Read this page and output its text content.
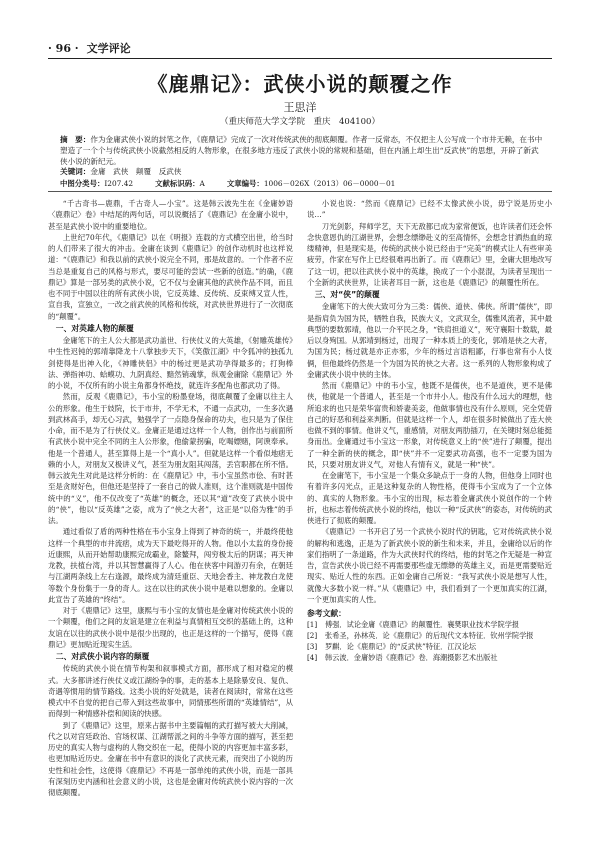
· 96 · 文学评论
《鹿鼎记》：武侠小说的颠覆之作
王思洋
（重庆师范大学文学院　重庆　404100）
摘　要：作为金庸武侠小说的封笔之作，《鹿鼎记》完成了一次对传统武侠的彻底颠覆。作者一反常态，不仅把主人公写成一个市井无赖，在书中塑造了一个个与传统武侠小说截然相反的人物形象，在很多地方违反了武侠小说的常规和基础，但在内涵上却生出“反武侠”的思想，开辟了新武侠小说的新纪元。
关键词：金庸　武侠　颠覆　反武侠
中图分类号：I207.42	文献标识码：A	文章编号：1006－026X（2013）06－0000－01

“千古奇书—鹿鼎，千古奇人—小宝”。这是韩云波先生在《金庸妙语〈鹿鼎记〉卷》中结尾的两句话，可以说概括了《鹿鼎记》在金庸小说中，甚至是武侠小说中的重要地位。

上世纪70年代，《鹿鼎记》以在《明报》连载的方式横空出世，给当时的人们带来了很大的冲击。金庸在谈到《鹿鼎记》的创作动机时也这样说道：“《鹿鼎记》和我以前的武侠小说完全不同，那是故意的。一个作者不应当总是重复自己的风格与形式，要尽可能的尝试一些新的创造。”的确，《鹿鼎记》算是一部另类的武侠小说，它不仅与金庸其他的武侠作品不同，而且也不同于中国以往的所有武侠小说，它反英雄、反传统、反束缚又宣人性，宣自我，宣独立，一改之前武侠的风格和传统，对武侠世界进行了一次彻底的“颠覆”。

一、对英雄人物的颠覆

金庸笔下的主人公大都是武功盖世、行侠仗义的大英雄，《射雕英雄传》中生性迟钝的郭靖靠降龙十八掌独步天下，《笑傲江湖》中令狐冲的独孤九剑使得是出神入化，《神雕侠侣》中的杨过更是武功孕得最多的；打狗棒法、弹指神功、蛤蟆功、九阴真经、黯然销魂掌，纵观金庸除《鹿鼎记》外的小说，不仅所有的小说主角都身怀绝技，就连许多配角也都武功了得。

然而，反观《鹿鼎记》，韦小宝的粉墨登场，彻底颠覆了金庸以往主人公的形象。他生于妓院，长于市井，不学无术，不通一点武功，一生多次遇到武林高手，却无心习武，勉强学了一点隐身保命的功夫，也只是为了保住小命，而不是为了行侠仗义。金庸正是通过这样一个人物，创作出与前面所有武侠小说中完全不同的主人公形象，他偷蒙拐骗，吃喝嫖赌，阿谀奉承。他是一个普通人，甚至算得上是一个“真小人”。但就是这样一个看似地痞无赖的小人，对朋友又极讲义气，甚至为朋友阻其闯荡，丢官职都在所不惜。韩云波先生对此是这样分析的：在《鹿鼎记》中，韦小宝虽然市侩、有时甚至是贪财好色，但他还是坚持了一套自己的做人准则，这个准则就是中国传统中的“义”，他不仅改变了“英雄”的概念，还以其“道”改变了武侠小说中的“侠”，他以“反英雄”之姿，成为了“侠之大者”，这正是“以俗为雅”的手法。

通过看似了盾的两种性格在韦小宝身上得到了神奇的统一，并最终使他这样一个典型的市井流痞，成为天下最吃得开的人物。他以小太监的身份接近康熙，从而开始帮助康熙完成霸业，除鳌拜，闯穷极太后的阴谋；再天神龙教，扶植台湾，并以其智慧赢得了人心。他在侠客中间游刃有余，在朝廷与江湖两条线上左右逢源，最终成为清廷重臣、天地会香主、神龙教白龙使等数个身份集于一身的奇人。这在以往的武侠小说中是难以想象的。金庸以此宣告了英雄的“终结”。

对于《鹿鼎记》这里，康熙与韦小宝的友情也是金庸对传统武侠小说的一个颠覆，他们之间的友谊是建立在利益与真情相互交织的基础上的，这种友谊在以往的武侠小说中是很少出现的，也正是这样的一个描写，使得《鹿鼎记》更加贴近现实生活。

二、对武侠小说内容的颠覆

传统的武侠小说在情节构架和叙事模式方面，都形成了相对稳定的模式。大多都讲述行侠仗义或江湖纷争的事，走的基本上是除暴安良、复仇、奇遇等惯用的情节路线。这类小说的好处就是，读者在阅读时，常常在这些模式中不自觉的把自己带入到这些故事中，同情那些所谓的“英雄情结”，从而得到一种情感补偿和阅读的快感。

到了《鹿鼎记》这里，原来占据书中主要篇幅的武打描写被大大削减，代之以对宫廷政治、官场权谋、江湖帮派之间的斗争等方面的描写，甚至把历史的真实人物与虚构的人物交织在一起，使得小说的内容更加丰富多彩，也更加贴近历史。金庸在书中有意识的淡化了武侠元素，而突出了小说的历史性和社会性，这使得《鹿鼎记》不再是一部单纯的武侠小说，而是一部具有深刻历史内涵和社会意义的小说，这也是金庸对传统武侠小说内容的一次彻底颠覆。

小说也说：“然而《鹿鼎记》已经不太像武侠小说，毋宁说是历史小说…”

刀光剑影，拜师学艺，天下无敌都已成为家常便饭，也许读者们还会怀念快意恩仇的江湖世界，会想念缥缈赴义的至高情怀，会想念甘洒热血的琼缕精神，但是现实是，传统的武侠小说已经由于“完美”的模式让人有些审美疲劳，作家在写作上已经很难再出新了。而《鹿鼎记》里，金庸大胆地改写了这一切，把以往武侠小说中的英雄，换成了一个小混混，为读者呈现出一个全新的武侠世界，让读者耳目一新，这也是《鹿鼎记》的颠覆性所在。

三、对“侠”的颠覆

金庸笔下的大侠大致可分为三类：儒侠、道侠、佛侠。所谓“儒侠”，即是指肩负为国为民，牺牲自我，民族大义，文武双全，儒雅风流者，其中最典型的要数郭靖，他以一介平民之身，“铁肩担道义”，死守襄阳十数载，最后以身殉国。从郭靖到杨过，出现了一种本质上的变化，郭靖是侠之大者，为国为民；杨过就是亦正亦邪，少年的杨过言语粗鄙，行事也常有小人伎俩，但他最终仍然是一个为国为民的侠之大者。这一系列的人物形象构成了金庸武侠小说中侠的主体。

然而《鹿鼎记》中的韦小宝，他既不是儒侠，也不是道侠，更不是佛侠，他就是一个普通人，甚至是一个市井小人。他没有什么远大的理想，他所追求的也只是荣华富贵和娇妻美妾，他做事情也没有什么原则，完全凭借自己的好恶和利益来判断。但就是这样一个人，却在很多时候做出了连大侠也做不到的事情。他讲义气，重感情，对朋友两肋插刀，在关键时刻总能挺身而出。金庸通过韦小宝这一形象，对传统意义上的“侠”进行了颠覆，提出了一种全新的侠的概念，即“侠”并不一定要武功高强，也不一定要为国为民，只要对朋友讲义气，对他人有情有义，就是一种“侠”。

在金庸笔下，韦小宝是一个集众多缺点于一身的人物，但他身上同时也有着许多闪光点，正是这种复杂的人物性格，使得韦小宝成为了一个立体的、真实的人物形象。韦小宝的出现，标志着金庸武侠小说创作的一个转折，也标志着传统武侠小说的终结，他以一种“反武侠”的姿态，对传统的武侠进行了彻底的颠覆。

《鹿鼎记》一书开启了另一个武侠小说时代的钥匙，它对传统武侠小说的解构和逃逸，正是为了新武侠小说的新生和未来，并且，金庸给以后的作家们指明了一条道路，作为大武侠时代的终结，他的封笔之作无疑是一种宣告，宣告武侠小说已经不再需要那些虚无缥缈的英雄主义，而是更需要贴近现实、贴近人性的东西。正如金庸自己所说：“我写武侠小说是想写人性，就像大多数小说一样。”从《鹿鼎记》中，我们看到了一个更加真实的江湖，一个更加真实的人性。

参考文献：
[1]	傅强．试论金庸《鹿鼎记》的颠覆性．襄樊职业技术学院学报
[2]	张希圣，孙林英．论《鹿鼎记》的后现代文本特征．钦州学院学报
[3]	罗麒．论《鹿鼎记》的“反武侠”特征．江汉论坛
[4]	韩云波．金庸妙语《鹿鼎记》卷．海潮摄影艺术出版社
